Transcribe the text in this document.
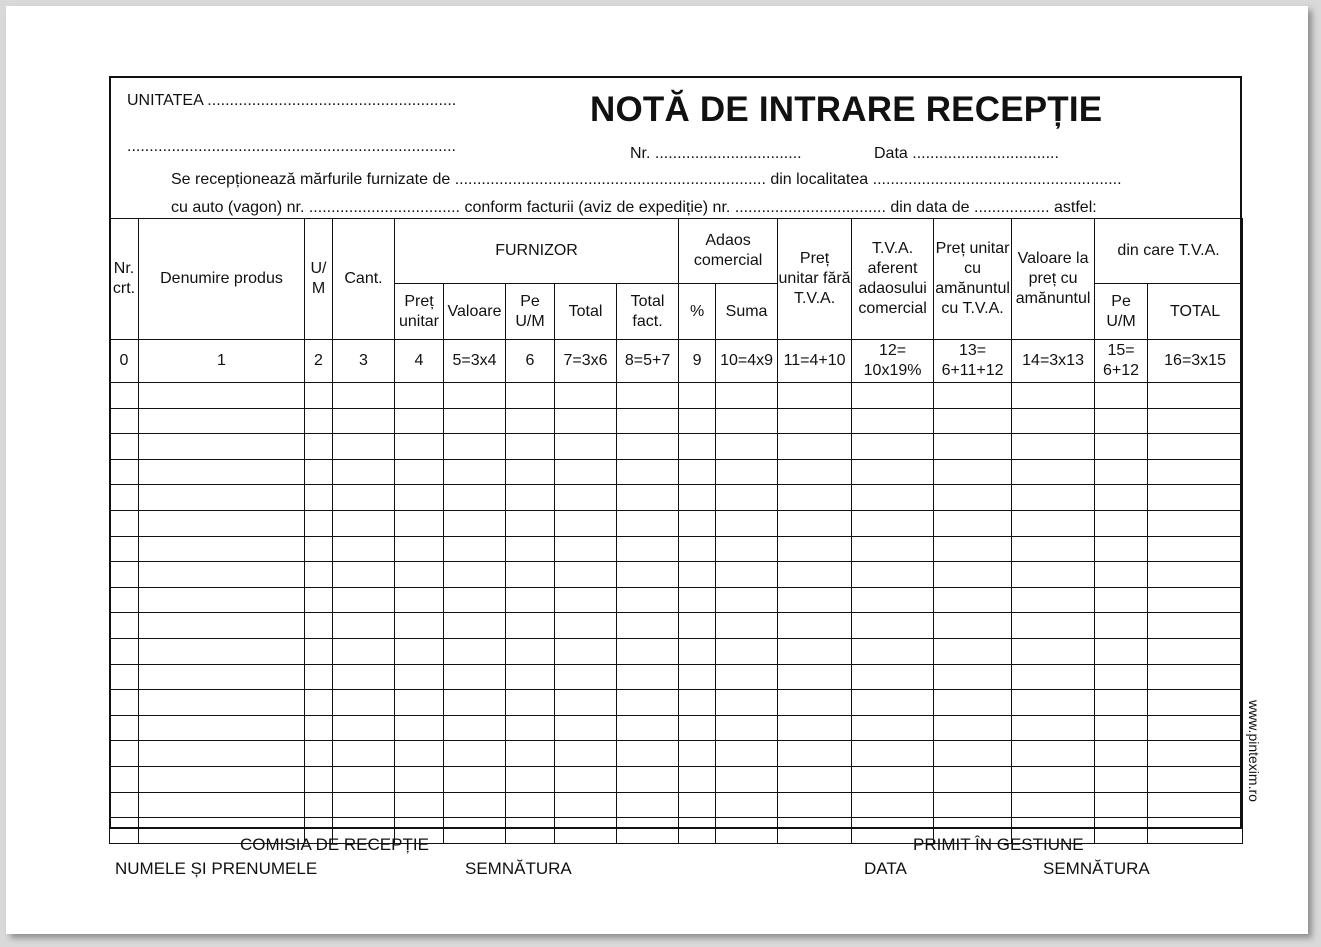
UNITATEA ........................................................
..........................................................................
NOTĂ DE INTRARE RECEPȚIE
Nr. .................................	Data .................................
Se recepționează mărfurile furnizate de ...................................................................... din localitatea ........................................................
cu auto (vagon) nr. .................................. conform facturii (aviz de expediție) nr. .................................. din data de ................. astfel:
Nr. crt.	Denumire produs	U/ M	Cant.	FURNIZOR					Adaos comercial		Preț unitar fără T.V.A.	T.V.A. aferent adaosului comercial	Preț unitar cu amănuntul cu T.V.A.	Valoare la preț cu amănuntul	din care T.V.A.	
				Preț unitar	Valoare	Pe U/M	Total	Total fact.	%	Suma					Pe U/M	TOTAL
0	1	2	3	4	5=3x4	6	7=3x6	8=5+7	9	10=4x9	11=4+10	12= 10x19%	13= 6+11+12	14=3x13	15= 6+12	16=3x15

COMISIA DE RECEPȚIE
NUMELE ȘI PRENUMELE	SEMNĂTURA
PRIMIT ÎN GESTIUNE
DATA	SEMNĂTURA
www.pintexim.ro
